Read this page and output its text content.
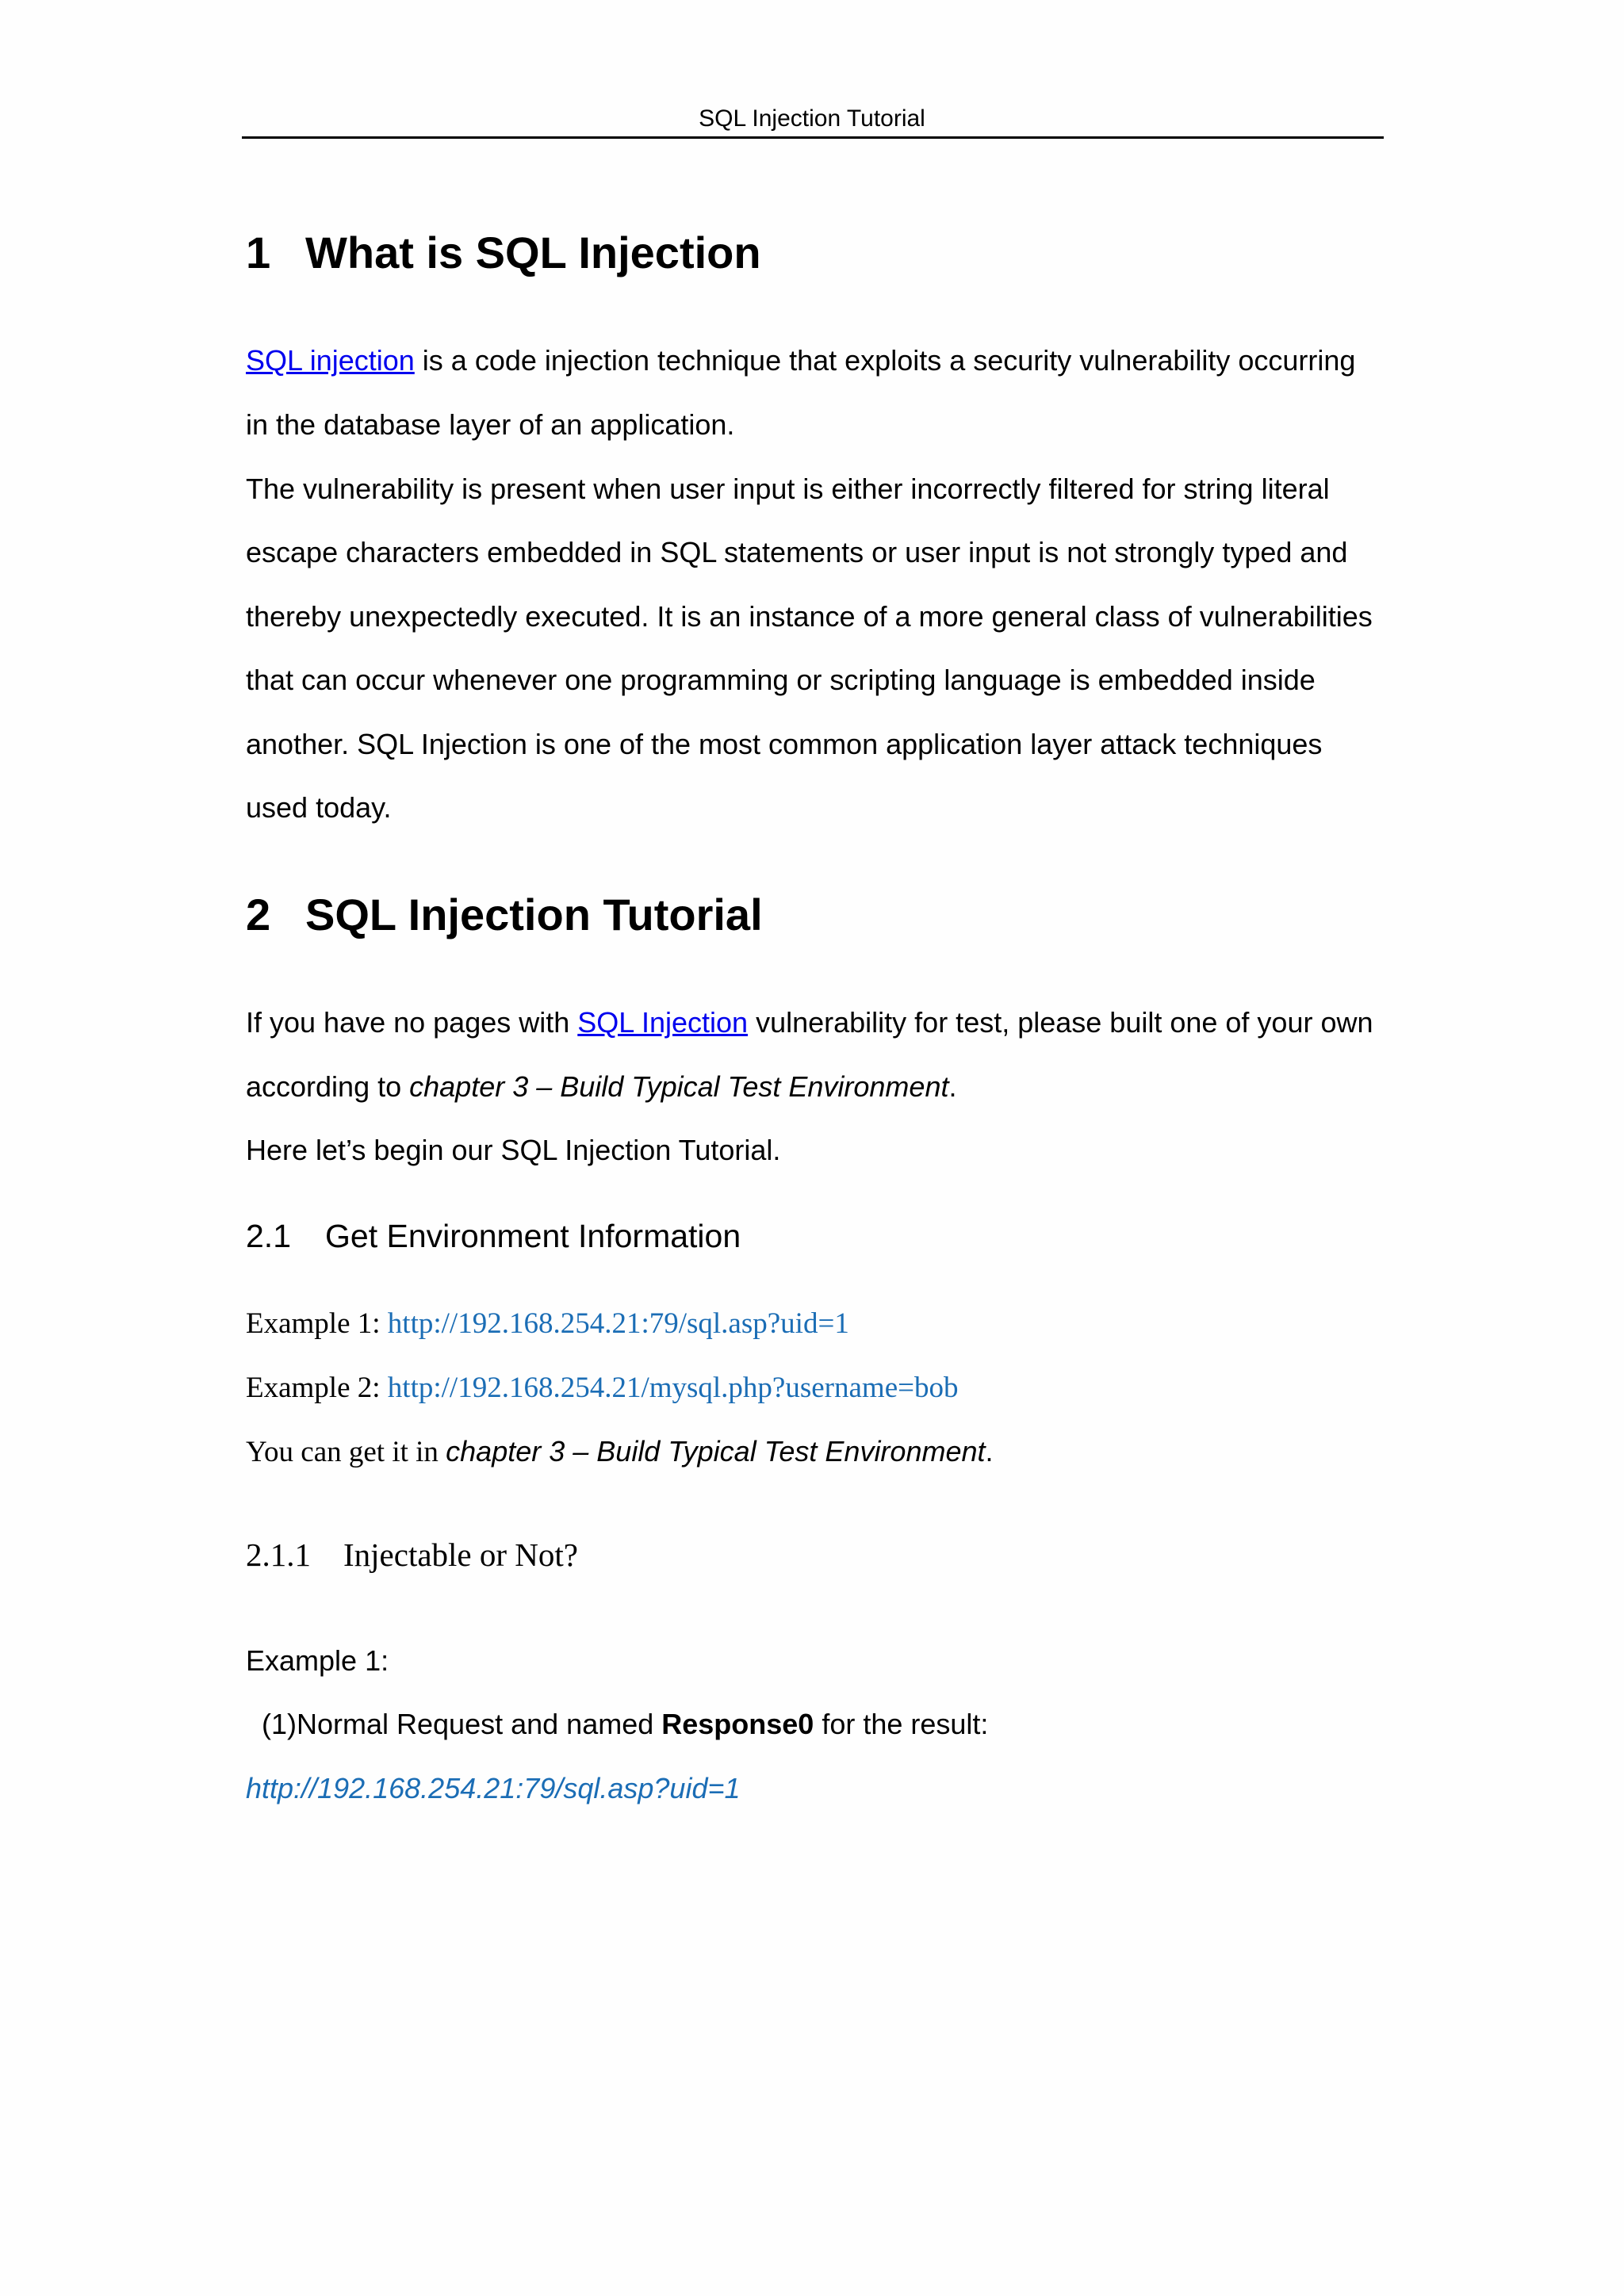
SQL Injection Tutorial
1 What is SQL Injection
SQL injection is a code injection technique that exploits a security vulnerability occurring
in the database layer of an application.
The vulnerability is present when user input is either incorrectly filtered for string literal
escape characters embedded in SQL statements or user input is not strongly typed and
thereby unexpectedly executed. It is an instance of a more general class of vulnerabilities
that can occur whenever one programming or scripting language is embedded inside
another. SQL Injection is one of the most common application layer attack techniques
used today.
2 SQL Injection Tutorial
If you have no pages with SQL Injection vulnerability for test, please built one of your own
according to chapter 3 – Build Typical Test Environment.
Here let’s begin our SQL Injection Tutorial.
2.1 Get Environment Information
Example 1: http://192.168.254.21:79/sql.asp?uid=1
Example 2: http://192.168.254.21/mysql.php?username=bob
You can get it in chapter 3 – Build Typical Test Environment.
2.1.1 Injectable or Not?
Example 1:
(1)Normal Request and named Response0 for the result:
http://192.168.254.21:79/sql.asp?uid=1
